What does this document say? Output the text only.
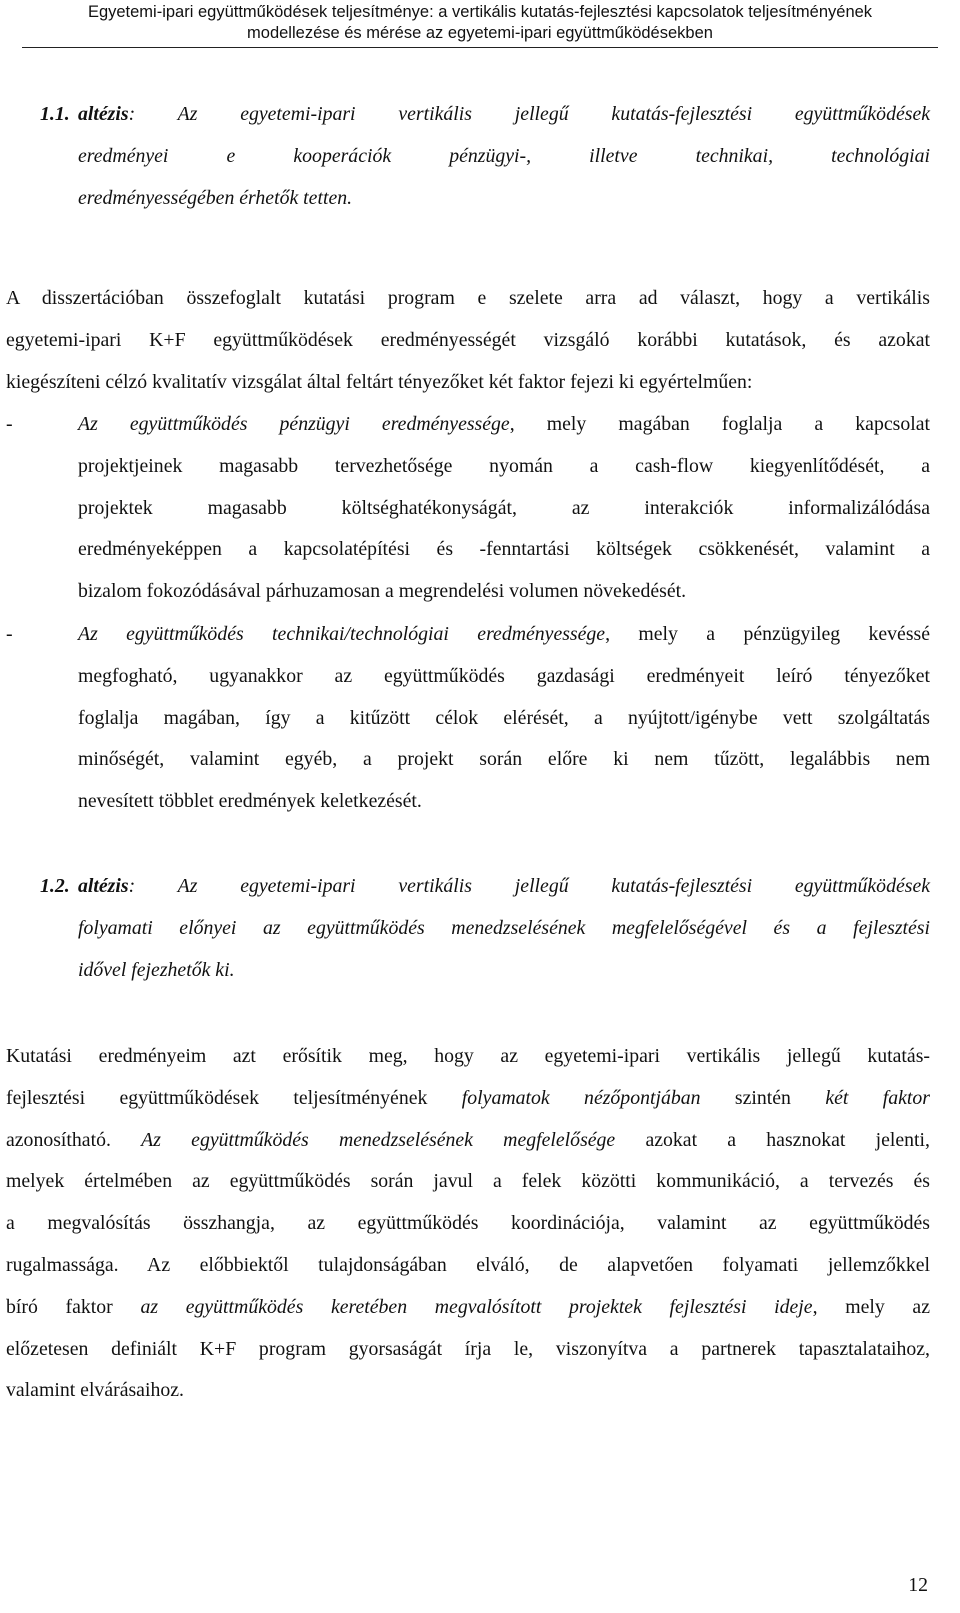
Egyetemi-ipari együttműködések teljesítménye: a vertikális kutatás-fejlesztési kapcsolatok teljesítményének
modellezése és mérése az egyetemi-ipari együttműködésekben
1.1. altézis: Az egyetemi-ipari vertikális jellegű kutatás-fejlesztési együttműködések
eredményei e kooperációk pénzügyi-, illetve technikai, technológiai
eredményességében érhetők tetten.
A disszertációban összefoglalt kutatási program e szelete arra ad választ, hogy a vertikális
egyetemi-ipari K+F együttműködések eredményességét vizsgáló korábbi kutatások, és azokat
kiegészíteni célzó kvalitatív vizsgálat által feltárt tényezőket két faktor fejezi ki egyértelműen:
-	Az együttműködés pénzügyi eredményessége, mely magában foglalja a kapcsolat
projektjeinek magasabb tervezhetősége nyomán a cash-flow kiegyenlítődését, a
projektek magasabb költséghatékonyságát, az interakciók informalizálódása
eredményeképpen a kapcsolatépítési és -fenntartási költségek csökkenését, valamint a
bizalom fokozódásával párhuzamosan a megrendelési volumen növekedését.
-	Az együttműködés technikai/technológiai eredményessége, mely a pénzügyileg kevéssé
megfogható, ugyanakkor az együttműködés gazdasági eredményeit leíró tényezőket
foglalja magában, így a kitűzött célok elérését, a nyújtott/igénybe vett szolgáltatás
minőségét, valamint egyéb, a projekt során előre ki nem tűzött, legalábbis nem
nevesített többlet eredmények keletkezését.
1.2. altézis: Az egyetemi-ipari vertikális jellegű kutatás-fejlesztési együttműködések
folyamati előnyei az együttműködés menedzselésének megfelelőségével és a fejlesztési
idővel fejezhetők ki.
Kutatási eredményeim azt erősítik meg, hogy az egyetemi-ipari vertikális jellegű kutatás-
fejlesztési együttműködések teljesítményének folyamatok nézőpontjában szintén két faktor
azonosítható. Az együttműködés menedzselésének megfelelősége azokat a hasznokat jelenti,
melyek értelmében az együttműködés során javul a felek közötti kommunikáció, a tervezés és
a megvalósítás összhangja, az együttműködés koordinációja, valamint az együttműködés
rugalmassága. Az előbbiektől tulajdonságában elváló, de alapvetően folyamati jellemzőkkel
bíró faktor az együttműködés keretében megvalósított projektek fejlesztési ideje, mely az
előzetesen definiált K+F program gyorsaságát írja le, viszonyítva a partnerek tapasztalataihoz,
valamint elvárásaihoz.
12
